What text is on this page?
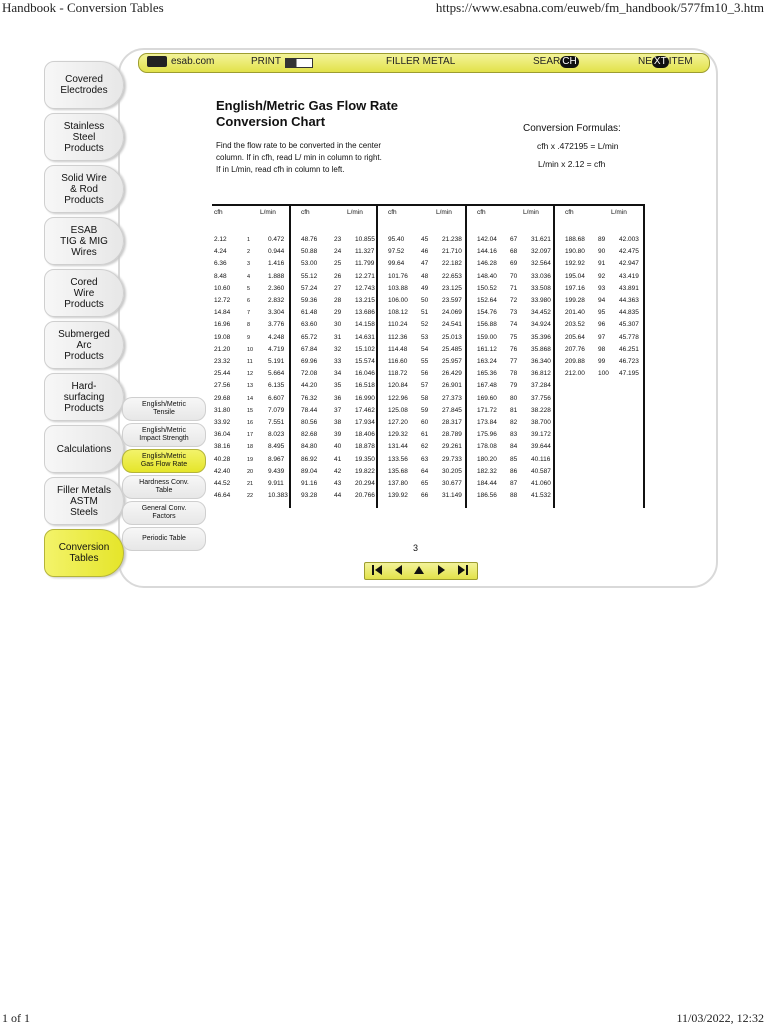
Handbook - Conversion Tables	https://www.esabna.com/euweb/fm_handbook/577fm10_3.htm
1 of 1	11/03/2022, 12:32
esab.com	PRINT	FILLER METAL	SEAR CH	NE XT ITEM
Covered
Electrodes
Stainless
Steel
Products
Solid Wire
& Rod
Products
ESAB
TIG & MIG
Wires
Cored
Wire
Products
Submerged
Arc
Products
Hard-
surfacing
Products
Calculations
Filler Metals
ASTM
Steels
Conversion
Tables
English/Metric
Tensile
English/Metric
Impact Strength
English/Metric
Gas Flow Rate
Hardness Conv.
Table
General Conv.
Factors
Periodic Table
English/Metric Gas Flow Rate
Conversion Chart
Find the flow rate to be converted in the center column. If in cfh, read L/ min in column to right. If in L/min, read cfh in column to left.
Conversion Formulas:
cfh x .472195 = L/min
L/min x 2.12 = cfh
cfh	L/min
2.12	1	0.472
4.24	2	0.944
6.36	3	1.416
8.48	4	1.888
10.60	5	2.360
12.72	6	2.832
14.84	7	3.304
16.96	8	3.776
19.08	9	4.248
21.20	10 4.719
23.32	11 5.191
25.44	12 5.664
27.56	13 6.135
29.68	14 6.607
31.80	15 7.079
33.92	16 7.551
36.04	17 8.023
38.16	18 8.495
40.28	19 8.967
42.40	20 9.439
44.52	21 9.911
46.64	22 10.383
cfh	L/min
48.76	23 10.855
50.88	24 11.327
53.00	25 11.799
55.12	26 12.271
57.24	27 12.743
59.36	28 13.215
61.48	29 13.686
63.60	30 14.158
65.72	31 14.631
67.84	32 15.102
69.96	33 15.574
72.08	34 16.046
44.20	35 16.518
76.32	36 16.990
78.44	37 17.462
80.56	38 17.934
82.68	39 18.406
84.80	40 18.878
86.92	41 19.350
89.04	42 19.822
91.16	43 20.294
93.28	44 20.766
cfh	L/min
95.40	45 21.238
97.52	46 21.710
99.64	47 22.182
101.76 48 22.653
103.88 49 23.125
106.00 50 23.597
108.12 51 24.069
110.24 52 24.541
112.36 53 25.013
114.48 54 25.485
116.60 55 25.957
118.72 56 26.429
120.84 57 26.901
122.96 58 27.373
125.08 59 27.845
127.20 60 28.317
129.32 61 28.789
131.44 62 29.261
133.56 63 29.733
135.68 64 30.205
137.80 65 30.677
139.92 66 31.149
cfh	L/min
142.04 67 31.621
144.16 68 32.097
146.28 69 32.564
148.40 70 33.036
150.52 71 33.508
152.64 72 33.980
154.76 73 34.452
156.88 74 34.924
159.00 75 35.396
161.12 76 35.868
163.24 77 36.340
165.36 78 36.812
167.48 79 37.284
169.60 80 37.756
171.72 81 38.228
173.84 82 38.700
175.96 83 39.172
178.08 84 39.644
180.20 85 40.116
182.32 86 40.587
184.44 87 41.060
186.56 88 41.532
cfh	L/min
188.68 89 42.003
190.80 90 42.475
192.92 91 42.947
195.04 92 43.419
197.16 93 43.891
199.28 94 44.363
201.40 95 44.835
203.52 96 45.307
205.64 97 45.778
207.76 98 46.251
209.88 99 46.723
212.00 100 47.195
3
